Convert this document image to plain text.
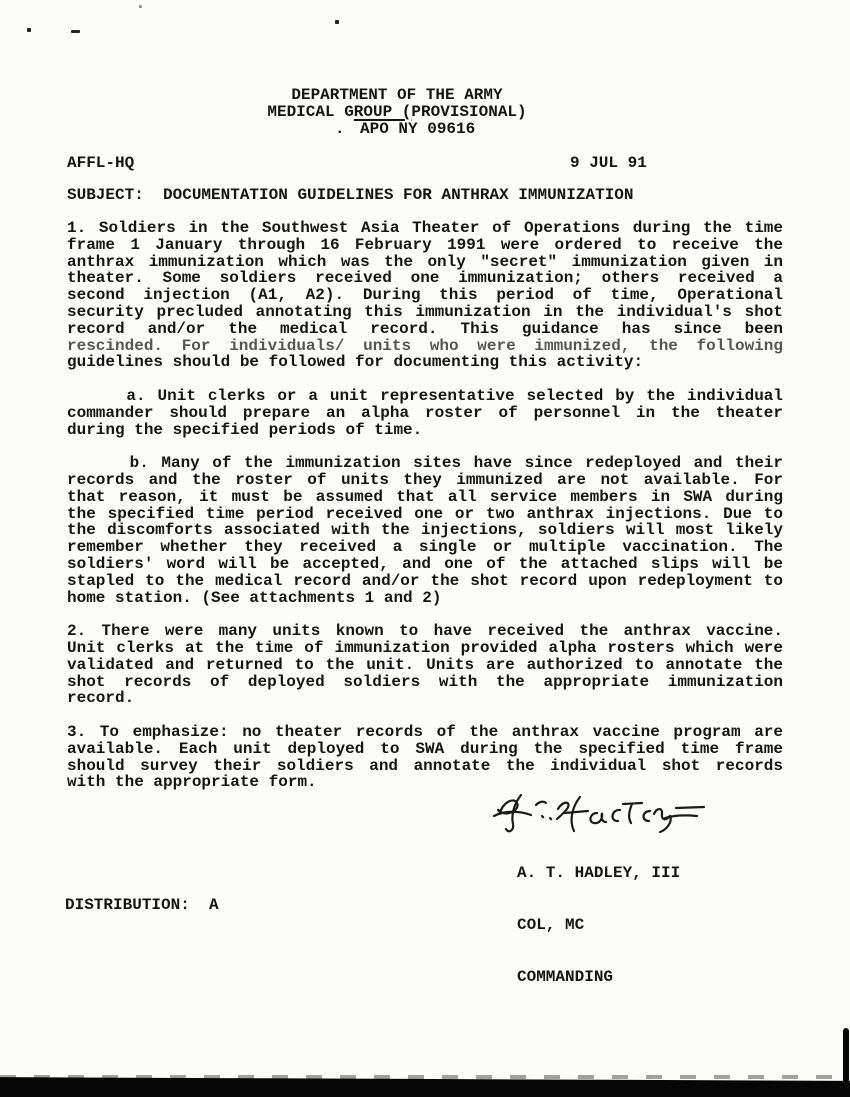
DEPARTMENT OF THE ARMY
MEDICAL GROUP (PROVISIONAL)
. APO NY 09616
AFFL-HQ	9 JUL 91
SUBJECT:  DOCUMENTATION GUIDELINES FOR ANTHRAX IMMUNIZATION
1. Soldiers in the Southwest Asia Theater of Operations during the time
frame 1 January through 16 February 1991 were ordered to receive the
anthrax immunization which was the only "secret" immunization given in
theater. Some soldiers received one immunization; others received a
second injection (A1, A2). During this period of time, Operational
security precluded annotating this immunization in the individual's shot
record and/or the medical record. This guidance has since been
rescinded. For individuals/ units who were immunized, the following
guidelines should be followed for documenting this activity:
a. Unit clerks or a unit representative selected by the individual
commander should prepare an alpha roster of personnel in the theater
during the specified periods of time.
b. Many of the immunization sites have since redeployed and their
records and the roster of units they immunized are not available. For
that reason, it must be assumed that all service members in SWA during
the specified time period received one or two anthrax injections. Due to
the discomforts associated with the injections, soldiers will most likely
remember whether they received a single or multiple vaccination. The
soldiers' word will be accepted, and one of the attached slips will be
stapled to the medical record and/or the shot record upon redeployment to
home station. (See attachments 1 and 2)
2. There were many units known to have received the anthrax vaccine.
Unit clerks at the time of immunization provided alpha rosters which were
validated and returned to the unit. Units are authorized to annotate the
shot records of deployed soldiers with the appropriate immunization
record.
3. To emphasize: no theater records of the anthrax vaccine program are
available. Each unit deployed to SWA during the specified time frame
should survey their soldiers and annotate the individual shot records
with the appropriate form.

A. T. HADLEY, III

COL, MC

COMMANDING

DISTRIBUTION:  A
